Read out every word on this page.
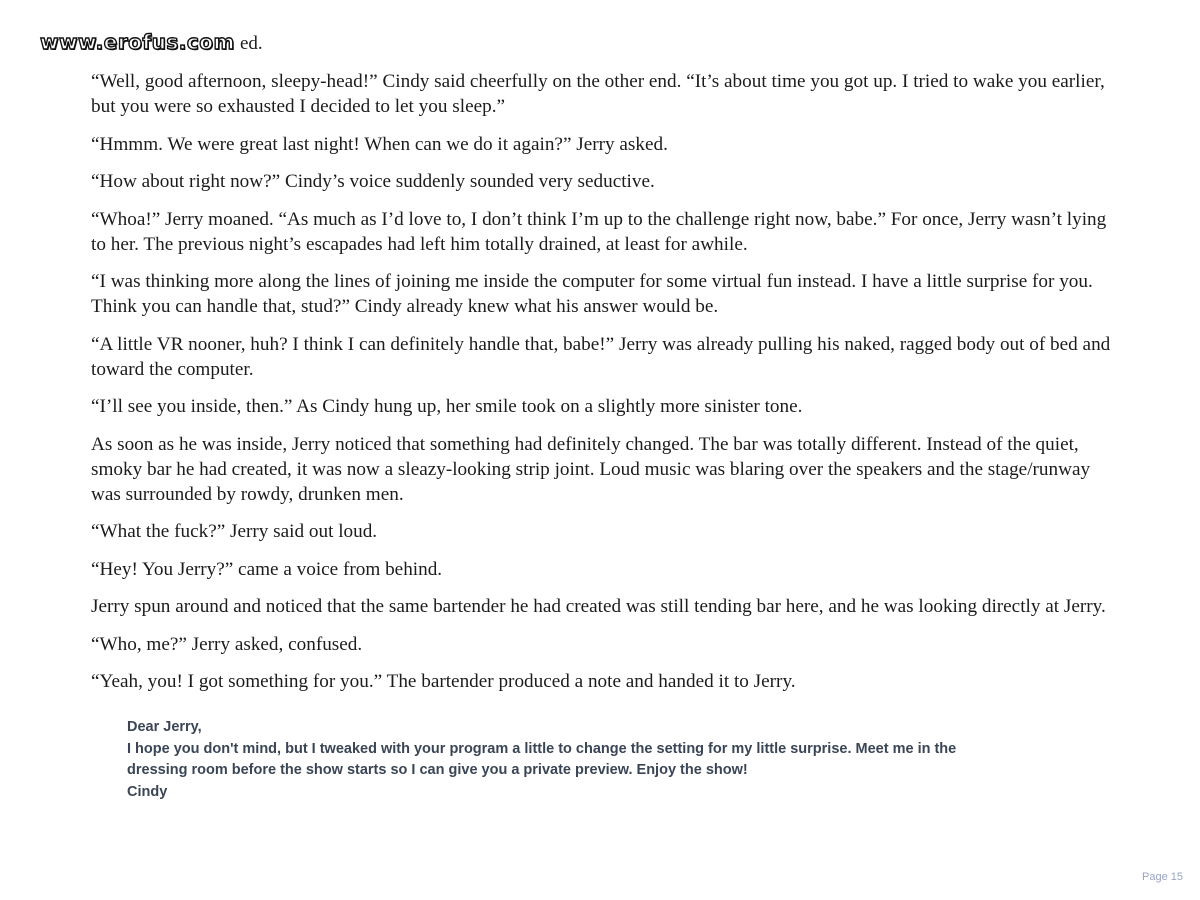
www.erofus.com ed.

“Well, good afternoon, sleepy-head!” Cindy said cheerfully on the other end. “It’s about time you got up. I tried to wake you earlier, but you were so exhausted I decided to let you sleep.”

“Hmmm. We were great last night! When can we do it again?” Jerry asked.

“How about right now?” Cindy’s voice suddenly sounded very seductive.

“Whoa!” Jerry moaned. “As much as I’d love to, I don’t think I’m up to the challenge right now, babe.” For once, Jerry wasn’t lying to her. The previous night’s escapades had left him totally drained, at least for awhile.

“I was thinking more along the lines of joining me inside the computer for some virtual fun instead. I have a little surprise for you. Think you can handle that, stud?” Cindy already knew what his answer would be.

“A little VR nooner, huh? I think I can definitely handle that, babe!” Jerry was already pulling his naked, ragged body out of bed and toward the computer.

“I’ll see you inside, then.” As Cindy hung up, her smile took on a slightly more sinister tone.

As soon as he was inside, Jerry noticed that something had definitely changed. The bar was totally different. Instead of the quiet, smoky bar he had created, it was now a sleazy-looking strip joint. Loud music was blaring over the speakers and the stage/runway was surrounded by rowdy, drunken men.

“What the fuck?” Jerry said out loud.

“Hey! You Jerry?” came a voice from behind.

Jerry spun around and noticed that the same bartender he had created was still tending bar here, and he was looking directly at Jerry.

“Who, me?” Jerry asked, confused.

“Yeah, you! I got something for you.” The bartender produced a note and handed it to Jerry.

Dear Jerry,
I hope you don't mind, but I tweaked with your program a little to change the setting for my little surprise. Meet me in the
dressing room before the show starts so I can give you a private preview. Enjoy the show!
Cindy
Page 15
